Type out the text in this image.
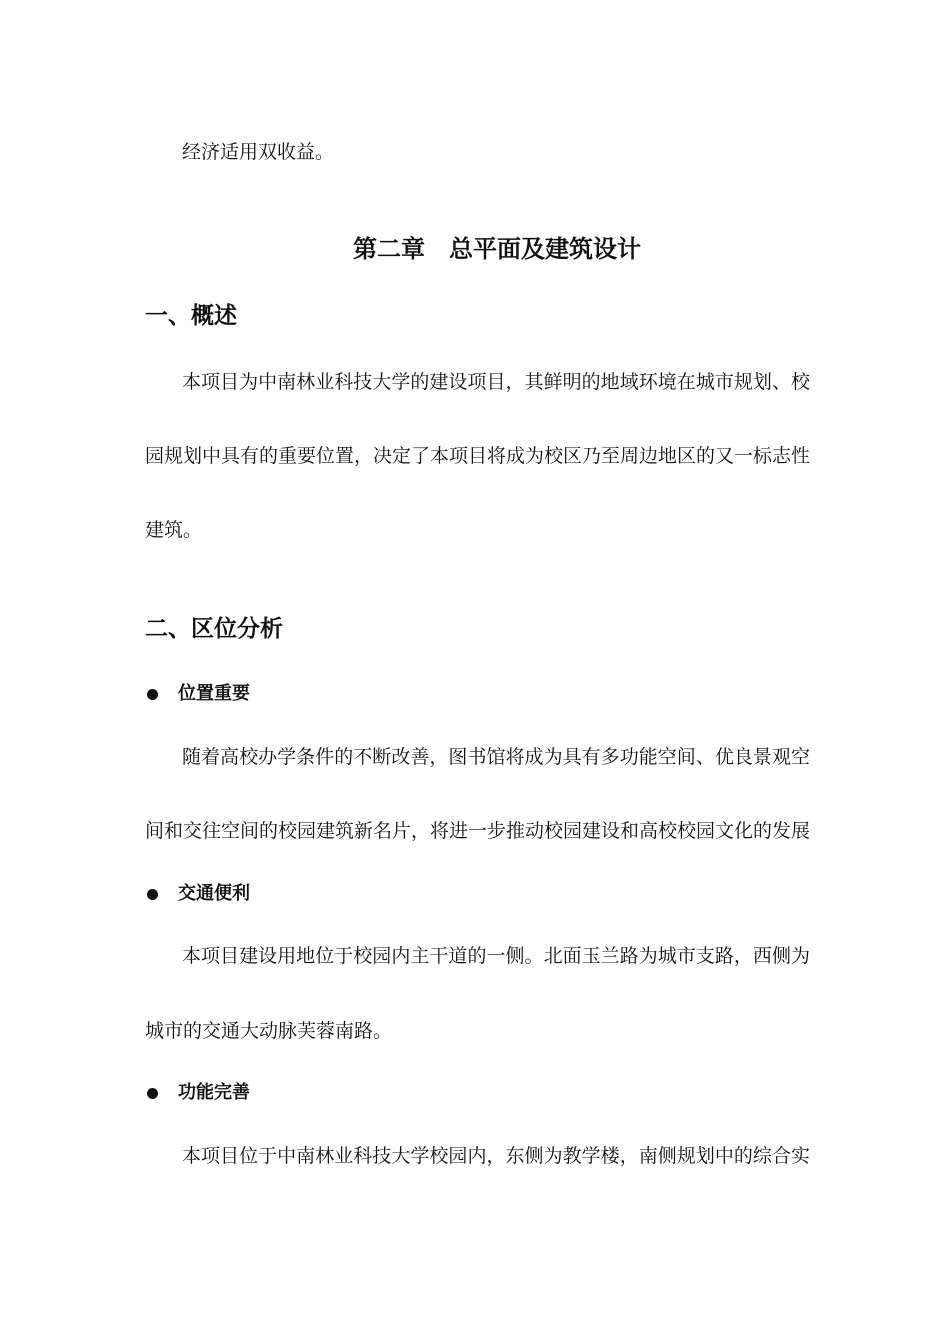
经济适用双收益。
第二章　总平面及建筑设计
一、概述
本项目为中南林业科技大学的建设项目，其鲜明的地域环境在城市规划、校
园规划中具有的重要位置，决定了本项目将成为校区乃至周边地区的又一标志性
建筑。
二、区位分析
位置重要
随着高校办学条件的不断改善，图书馆将成为具有多功能空间、优良景观空
间和交往空间的校园建筑新名片，将进一步推动校园建设和高校校园文化的发展
交通便利
本项目建设用地位于校园内主干道的一侧。北面玉兰路为城市支路，西侧为
城市的交通大动脉芙蓉南路。
功能完善
本项目位于中南林业科技大学校园内，东侧为教学楼，南侧规划中的综合实
